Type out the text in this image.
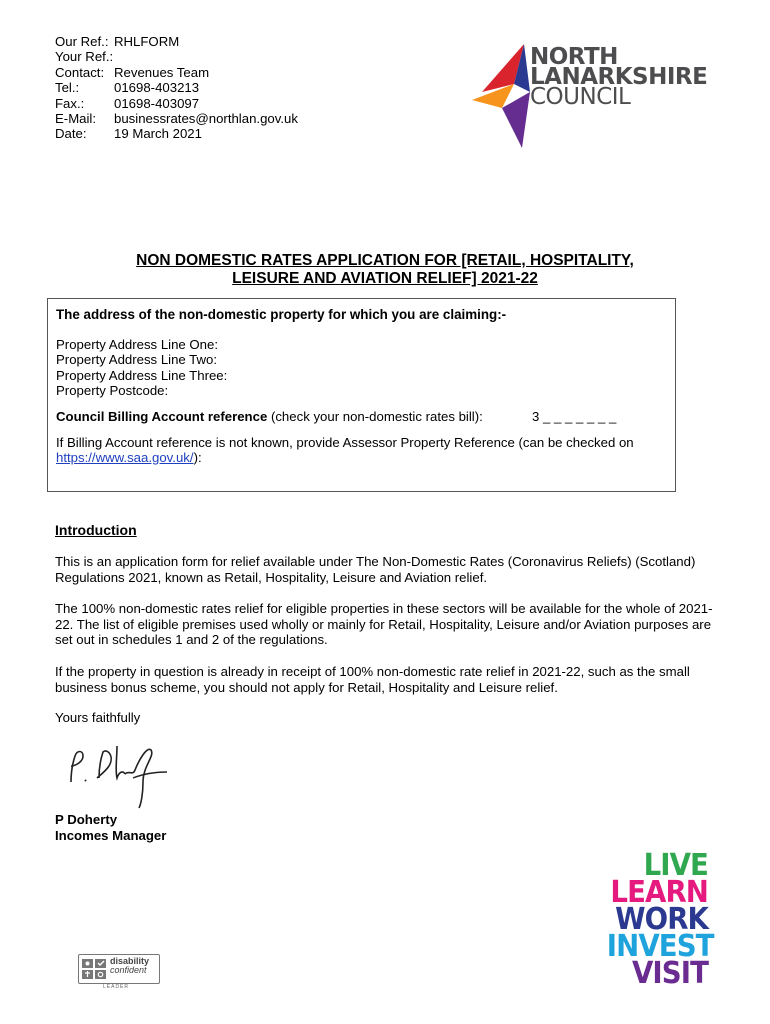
Our Ref.: RHLFORM
Your Ref.:
Contact: Revenues Team
Tel.:	01698-403213
Fax.:	01698-403097
E-Mail:	businessrates@northlan.gov.uk
Date:	19 March 2021
NORTH
LANARKSHIRE
COUNCIL
NON DOMESTIC RATES APPLICATION FOR [RETAIL, HOSPITALITY,
LEISURE AND AVIATION RELIEF] 2021-22
The address of the non-domestic property for which you are claiming:-
Property Address Line One:
Property Address Line Two:
Property Address Line Three:
Property Postcode:
Council Billing Account reference (check your non-domestic rates bill):	3 _ _ _ _ _ _ _
If Billing Account reference is not known, provide Assessor Property Reference (can be checked on https://www.saa.gov.uk/):
Introduction
This is an application form for relief available under The Non-Domestic Rates (Coronavirus Reliefs) (Scotland) Regulations 2021, known as Retail, Hospitality, Leisure and Aviation relief.
The 100% non-domestic rates relief for eligible properties in these sectors will be available for the whole of 2021-22. The list of eligible premises used wholly or mainly for Retail, Hospitality, Leisure and/or Aviation purposes are set out in schedules 1 and 2 of the regulations.
If the property in question is already in receipt of 100% non-domestic rate relief in 2021-22, such as the small business bonus scheme, you should not apply for Retail, Hospitality and Leisure relief.
Yours faithfully
P Doherty
Incomes Manager
LIVE
LEARN
WORK
INVEST
VISIT
disability
confident
LEADER
